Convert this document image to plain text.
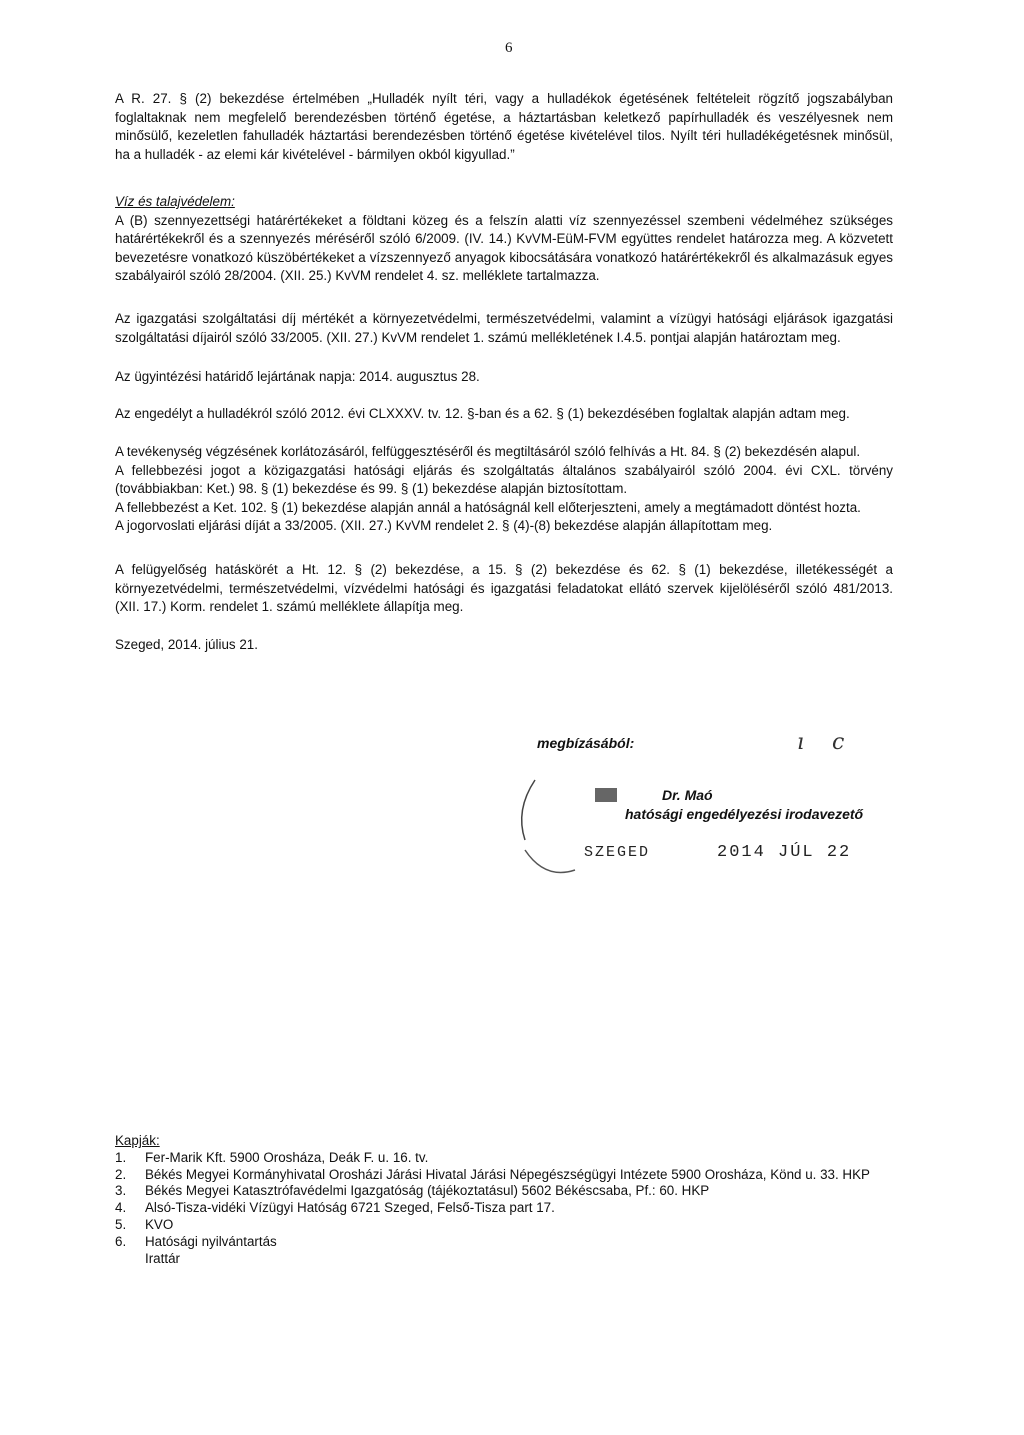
6

A R. 27. § (2) bekezdése értelmében „Hulladék nyílt téri, vagy a hulladékok égetésének feltételeit rögzítő jogszabályban foglaltaknak nem megfelelő berendezésben történő égetése, a háztartásban keletkező papírhulladék és veszélyesnek nem minősülő, kezeletlen fahulladék háztartási berendezésben történő égetése kivételével tilos. Nyílt téri hulladékégetésnek minősül, ha a hulladék - az elemi kár kivételével - bármilyen okból kigyullad.”

Víz és talajvédelem:

A (B) szennyezettségi határértékeket a földtani közeg és a felszín alatti víz szennyezéssel szembeni védelméhez szükséges határértékekről és a szennyezés méréséről szóló 6/2009. (IV. 14.) KvVM-EüM-FVM együttes rendelet határozza meg. A közvetett bevezetésre vonatkozó küszöbértékeket a vízszennyező anyagok kibocsátására vonatkozó határértékekről és alkalmazásuk egyes szabályairól szóló 28/2004. (XII. 25.) KvVM rendelet 4. sz. melléklete tartalmazza.

Az igazgatási szolgáltatási díj mértékét a környezetvédelmi, természetvédelmi, valamint a vízügyi hatósági eljárások igazgatási szolgáltatási díjairól szóló 33/2005. (XII. 27.) KvVM rendelet 1. számú mellékletének I.4.5. pontjai alapján határoztam meg.

Az ügyintézési határidő lejártának napja: 2014. augusztus 28.

Az engedélyt a hulladékról szóló 2012. évi CLXXXV. tv. 12. §-ban és a 62. § (1) bekezdésében foglaltak alapján adtam meg.

A tevékenység végzésének korlátozásáról, felfüggesztéséről és megtiltásáról szóló felhívás a Ht. 84. § (2) bekezdésén alapul.

A fellebbezési jogot a közigazgatási hatósági eljárás és szolgáltatás általános szabályairól szóló 2004. évi CXL. törvény (továbbiakban: Ket.) 98. § (1) bekezdése és 99. § (1) bekezdése alapján biztosítottam.

A fellebbezést a Ket. 102. § (1) bekezdése alapján annál a hatóságnál kell előterjeszteni, amely a megtámadott döntést hozta.

A jogorvoslati eljárási díját a 33/2005. (XII. 27.) KvVM rendelet 2. § (4)-(8) bekezdése alapján állapítottam meg.

A felügyelőség hatáskörét a Ht. 12. § (2) bekezdése, a 15. § (2) bekezdése és 62. § (1) bekezdése, illetékességét a környezetvédelmi, természetvédelmi, vízvédelmi hatósági és igazgatási feladatokat ellátó szervek kijelöléséről szóló 481/2013. (XII. 17.) Korm. rendelet 1. számú melléklete állapítja meg.

Szeged, 2014. július 21.

megbízásából:	ı    c
Dr. Maó
hatósági engedélyezési irodavezető
SZEGED	2014 JÚL 22
Kapják:
1.	Fer-Marik Kft. 5900 Orosháza, Deák F. u. 16. tv.
2.	Békés Megyei Kormányhivatal Orosházi Járási Hivatal Járási Népegészségügyi Intézete 5900 Orosháza, Könd u. 33. HKP
3.	Békés Megyei Katasztrófavédelmi Igazgatóság (tájékoztatásul) 5602 Békéscsaba, Pf.: 60. HKP
4.	Alsó-Tisza-vidéki Vízügyi Hatóság 6721 Szeged, Felső-Tisza part 17.
5.	KVO
6.	Hatósági nyilvántartás
Irattár
